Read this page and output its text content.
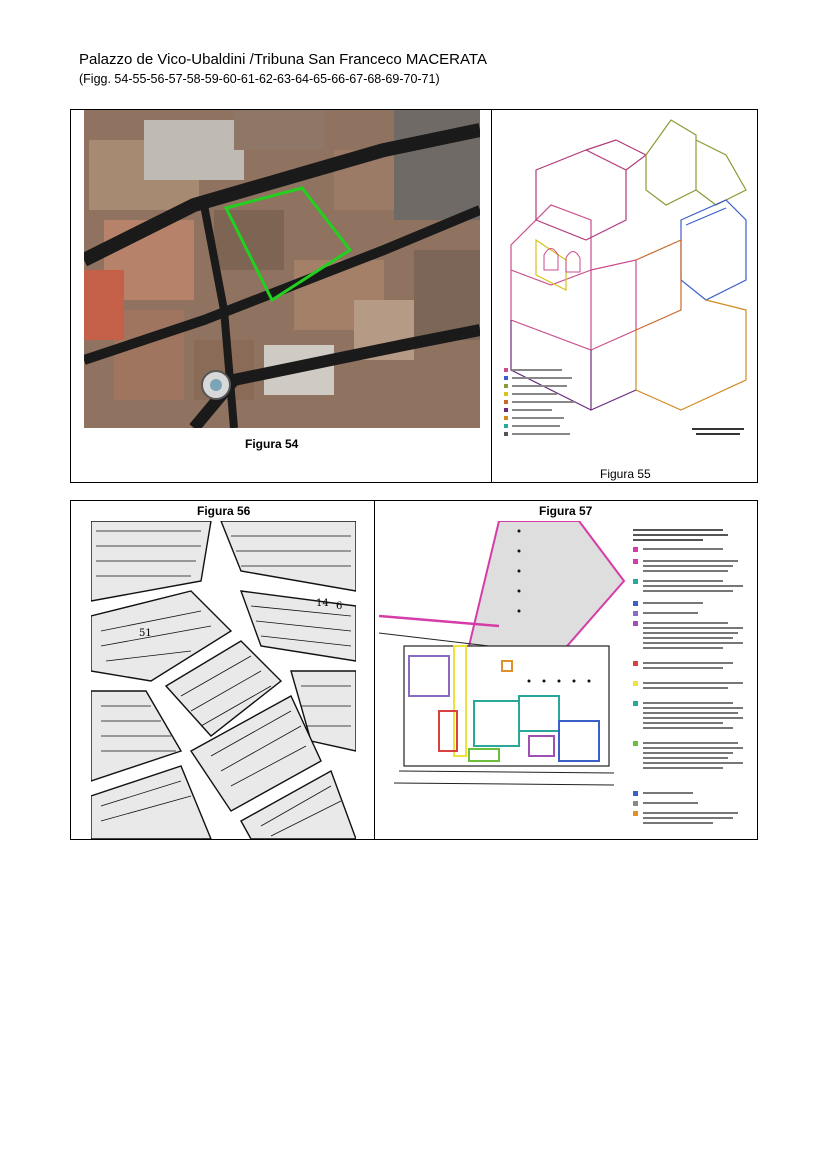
Palazzo de Vico-Ubaldini /Tribuna San Franceco MACERATA
(Figg. 54-55-56-57-58-59-60-61-62-63-64-65-66-67-68-69-70-71)
Figura 54
Figura 55
Figura 56	Figura 57
14 6
51
